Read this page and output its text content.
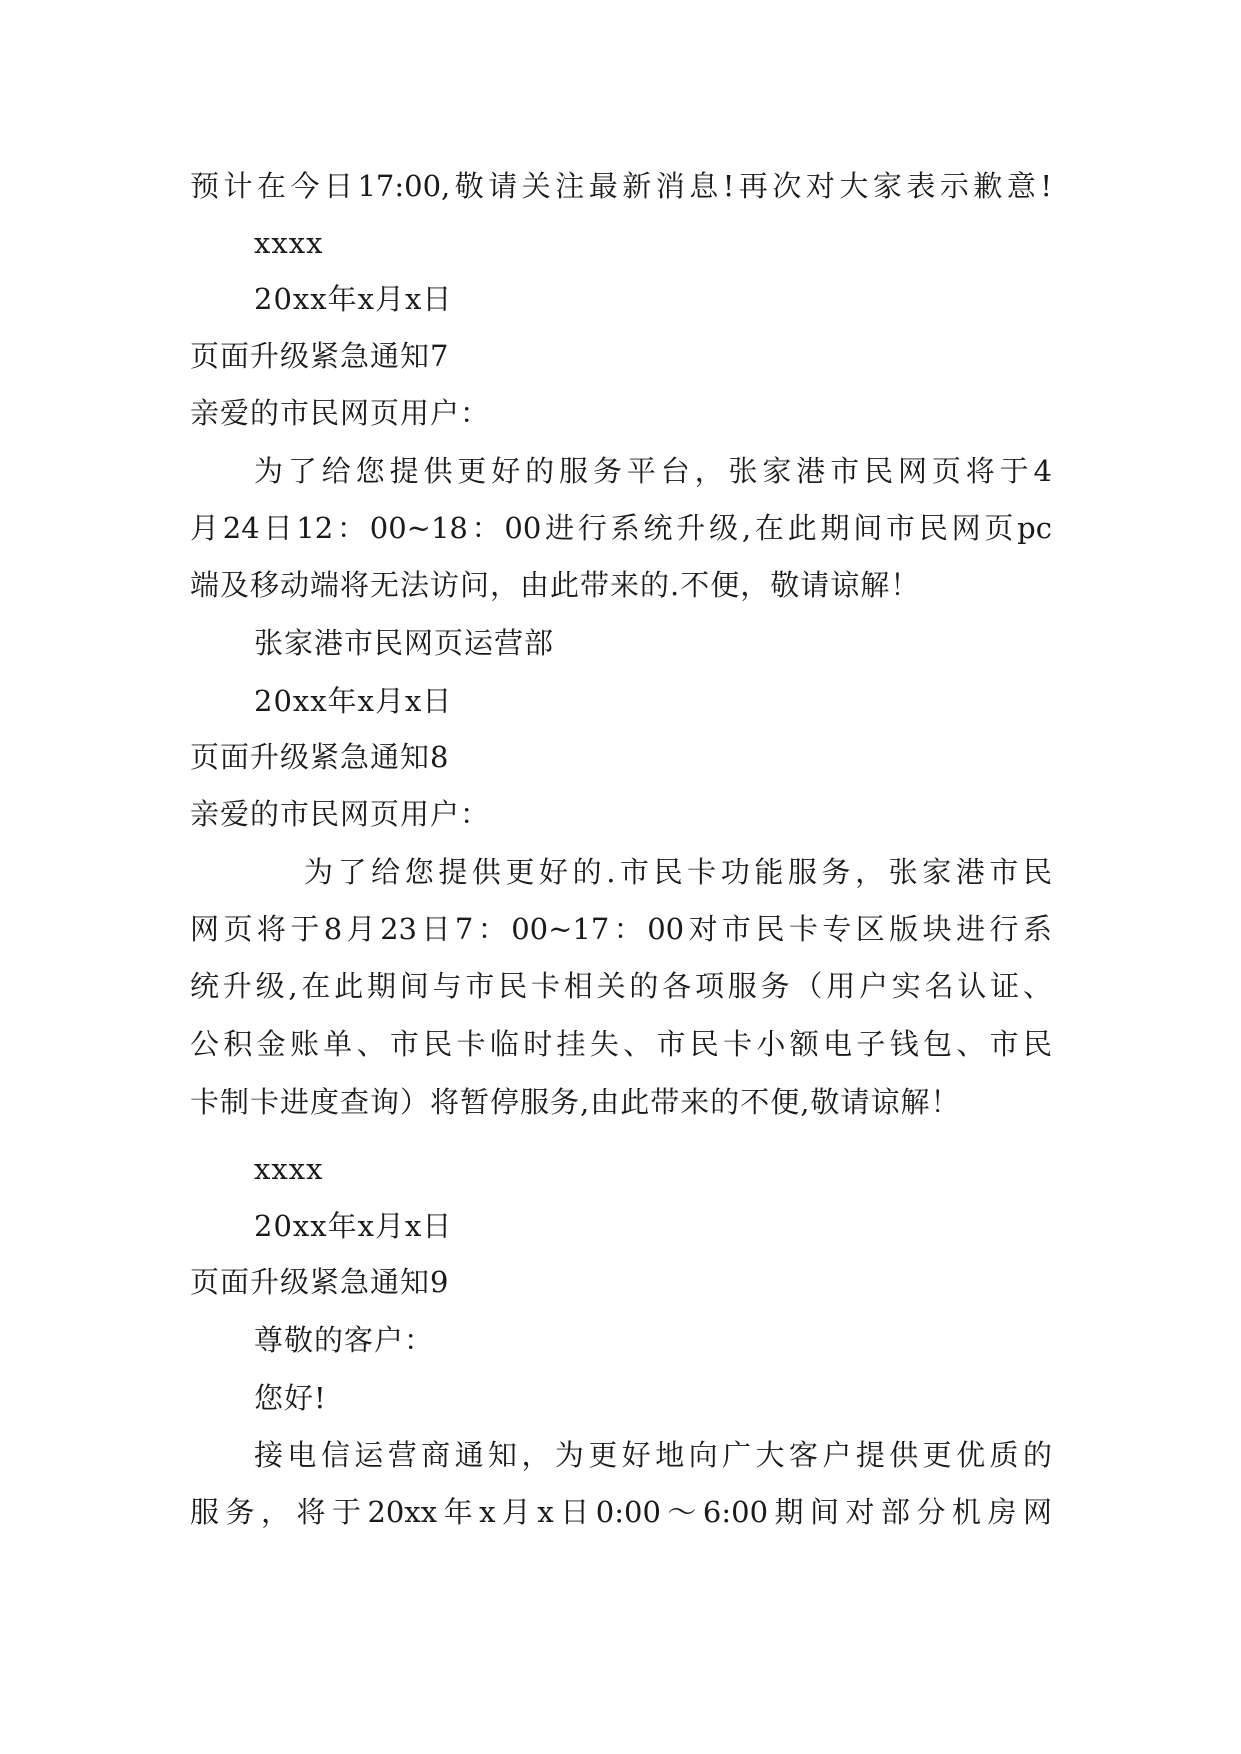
预计在今日17:00,敬请关注最新消息!再次对大家表示歉意!
xxxx
20xx年x月x日
页面升级紧急通知7
亲爱的市民网页用户：
为了给您提供更好的服务平台，张家港市民网页将于4
月24日12：00~18：00进行系统升级,在此期间市民网页pc
端及移动端将无法访问，由此带来的.不便，敬请谅解！
张家港市民网页运营部
20xx年x月x日
页面升级紧急通知8
亲爱的市民网页用户：
为了给您提供更好的.市民卡功能服务，张家港市民
网页将于8月23日7：00~17：00对市民卡专区版块进行系
统升级,在此期间与市民卡相关的各项服务（用户实名认证、
公积金账单、市民卡临时挂失、市民卡小额电子钱包、市民
卡制卡进度查询）将暂停服务,由此带来的不便,敬请谅解！
xxxx
20xx年x月x日
页面升级紧急通知9
尊敬的客户：
您好!
接电信运营商通知，为更好地向广大客户提供更优质的
服务，将于20xx年x月x日0:00～6:00期间对部分机房网
